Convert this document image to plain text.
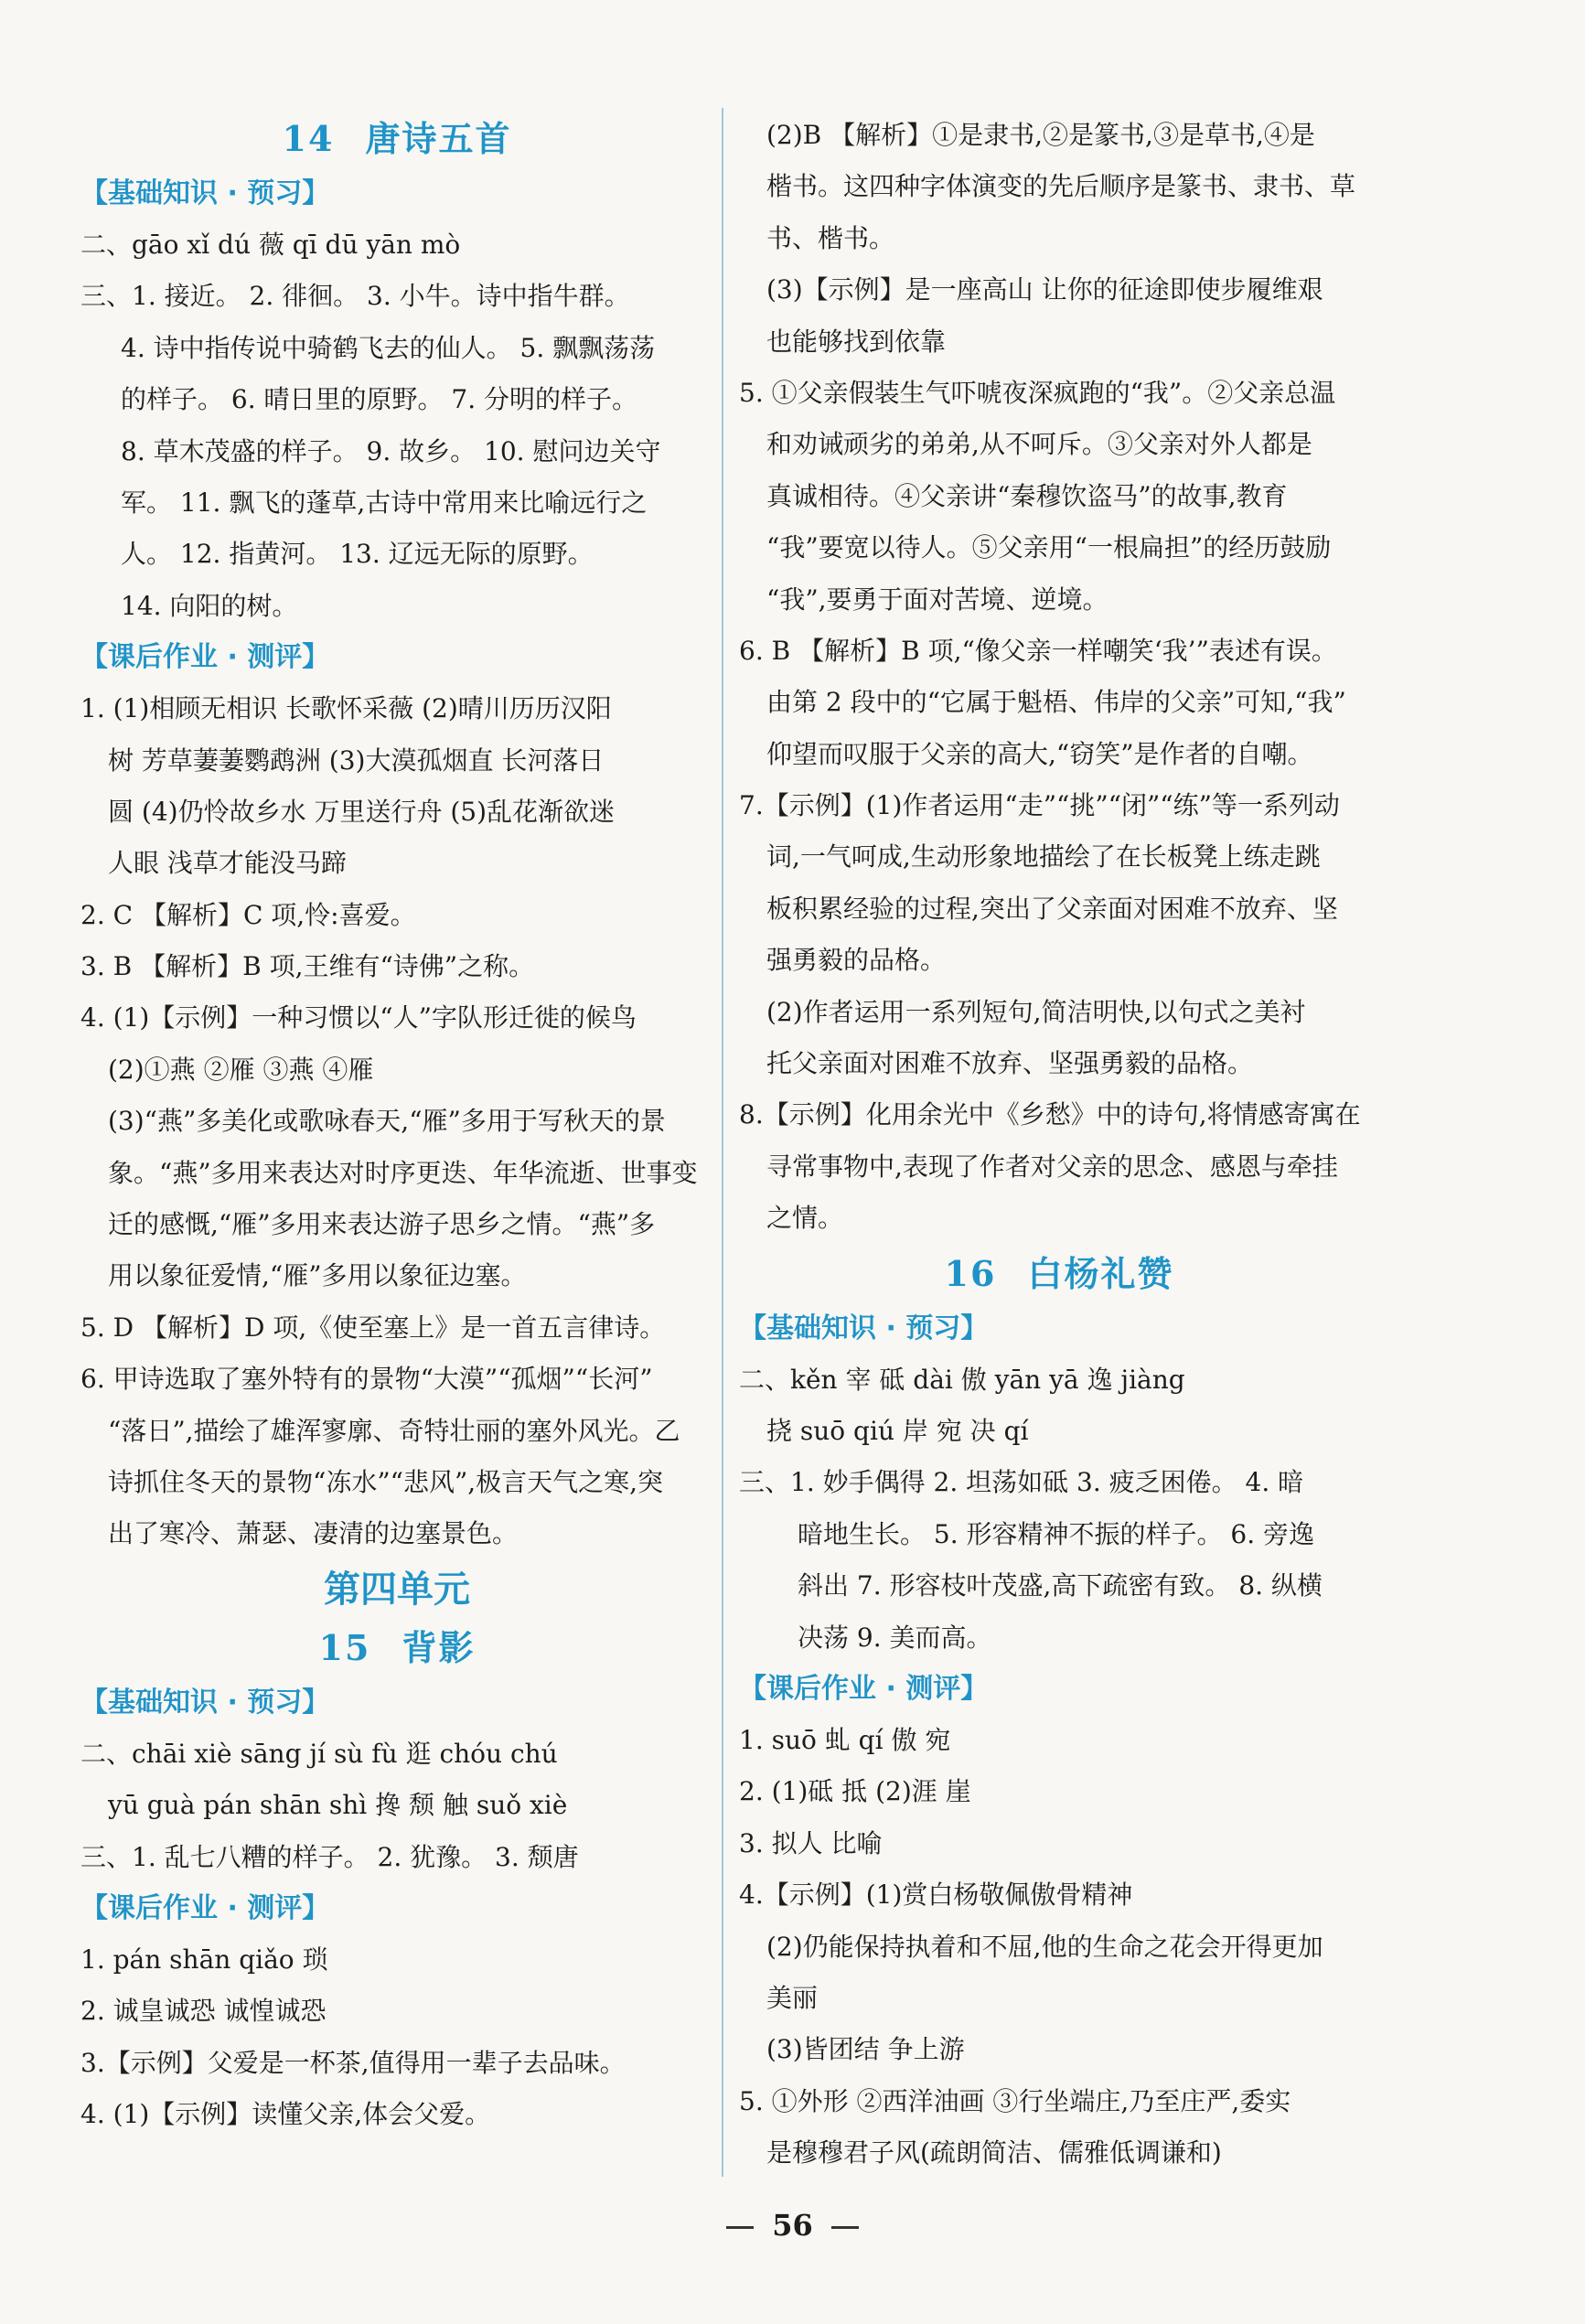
14 唐诗五首
【基础知识 · 预习】
二、gāo xǐ dú 薇 qī dū yān mò
三、1. 接近。 2. 徘徊。 3. 小牛。诗中指牛群。
4. 诗中指传说中骑鹤飞去的仙人。 5. 飘飘荡荡
的样子。 6. 晴日里的原野。 7. 分明的样子。
8. 草木茂盛的样子。 9. 故乡。 10. 慰问边关守
军。 11. 飘飞的蓬草,古诗中常用来比喻远行之
人。 12. 指黄河。 13. 辽远无际的原野。
14. 向阳的树。
【课后作业 · 测评】
1. (1)相顾无相识 长歌怀采薇 (2)晴川历历汉阳
树 芳草萋萋鹦鹉洲 (3)大漠孤烟直 长河落日
圆 (4)仍怜故乡水 万里送行舟 (5)乱花渐欲迷
人眼 浅草才能没马蹄
2. C 【解析】C 项,怜:喜爱。
3. B 【解析】B 项,王维有“诗佛”之称。
4. (1)【示例】一种习惯以“人”字队形迁徙的候鸟
(2)①燕 ②雁 ③燕 ④雁
(3)“燕”多美化或歌咏春天,“雁”多用于写秋天的景
象。“燕”多用来表达对时序更迭、年华流逝、世事变
迁的感慨,“雁”多用来表达游子思乡之情。“燕”多
用以象征爱情,“雁”多用以象征边塞。
5. D 【解析】D 项,《使至塞上》是一首五言律诗。
6. 甲诗选取了塞外特有的景物“大漠”“孤烟”“长河”
“落日”,描绘了雄浑寥廓、奇特壮丽的塞外风光。乙
诗抓住冬天的景物“冻水”“悲风”,极言天气之寒,突
出了寒冷、萧瑟、凄清的边塞景色。
第四单元
15 背影
【基础知识 · 预习】
二、chāi xiè sāng jí sù fù 逛 chóu chú
yū guà pán shān shì 搀 颓 触 suǒ xiè
三、1. 乱七八糟的样子。 2. 犹豫。 3. 颓唐
【课后作业 · 测评】
1. pán shān qiǎo 琐
2. 诚皇诚恐 诚惶诚恐
3.【示例】父爱是一杯茶,值得用一辈子去品味。
4. (1)【示例】读懂父亲,体会父爱。
(2)B 【解析】①是隶书,②是篆书,③是草书,④是
楷书。这四种字体演变的先后顺序是篆书、隶书、草
书、楷书。
(3)【示例】是一座高山 让你的征途即使步履维艰
也能够找到依靠
5. ①父亲假装生气吓唬夜深疯跑的“我”。②父亲总温
和劝诫顽劣的弟弟,从不呵斥。③父亲对外人都是
真诚相待。④父亲讲“秦穆饮盗马”的故事,教育
“我”要宽以待人。⑤父亲用“一根扁担”的经历鼓励
“我”,要勇于面对苦境、逆境。
6. B 【解析】B 项,“像父亲一样嘲笑‘我’”表述有误。
由第 2 段中的“它属于魁梧、伟岸的父亲”可知,“我”
仰望而叹服于父亲的高大,“窃笑”是作者的自嘲。
7.【示例】(1)作者运用“走”“挑”“闭”“练”等一系列动
词,一气呵成,生动形象地描绘了在长板凳上练走跳
板积累经验的过程,突出了父亲面对困难不放弃、坚
强勇毅的品格。
(2)作者运用一系列短句,简洁明快,以句式之美衬
托父亲面对困难不放弃、坚强勇毅的品格。
8.【示例】化用余光中《乡愁》中的诗句,将情感寄寓在
寻常事物中,表现了作者对父亲的思念、感恩与牵挂
之情。
16 白杨礼赞
【基础知识 · 预习】
二、kěn 宰 砥 dài 傲 yān yā 逸 jiàng
挠 suō qiú 岸 宛 决 qí
三、1. 妙手偶得 2. 坦荡如砥 3. 疲乏困倦。 4. 暗
暗地生长。 5. 形容精神不振的样子。 6. 旁逸
斜出 7. 形容枝叶茂盛,高下疏密有致。 8. 纵横
决荡 9. 美而高。
【课后作业 · 测评】
1. suō 虬 qí 傲 宛
2. (1)砥 抵 (2)涯 崖
3. 拟人 比喻
4.【示例】(1)赏白杨敬佩傲骨精神
(2)仍能保持执着和不屈,他的生命之花会开得更加
美丽
(3)皆团结 争上游
5. ①外形 ②西洋油画 ③行坐端庄,乃至庄严,委实
是穆穆君子风(疏朗简洁、儒雅低调谦和)
56
